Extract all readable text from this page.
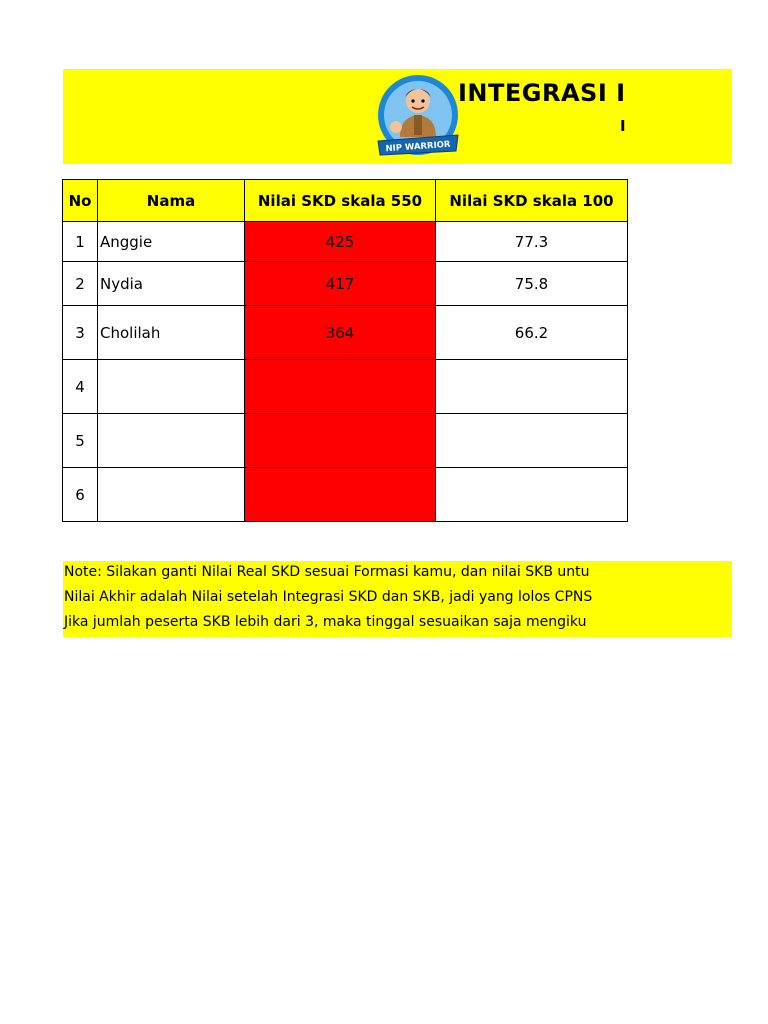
NIP WARRIOR
INTEGRASI I
I
No	Nama	Nilai SKD skala 550	Nilai SKD skala 100
1	Anggie	425	77.3
2	Nydia	417	75.8
3	Cholilah	364	66.2
4			
5			
6			
Note: Silakan ganti Nilai Real SKD sesuai Formasi kamu, dan nilai SKB untu
Nilai Akhir adalah Nilai setelah Integrasi SKD dan SKB, jadi yang lolos CPNS
Jika jumlah peserta SKB lebih dari 3, maka tinggal sesuaikan saja mengiku
